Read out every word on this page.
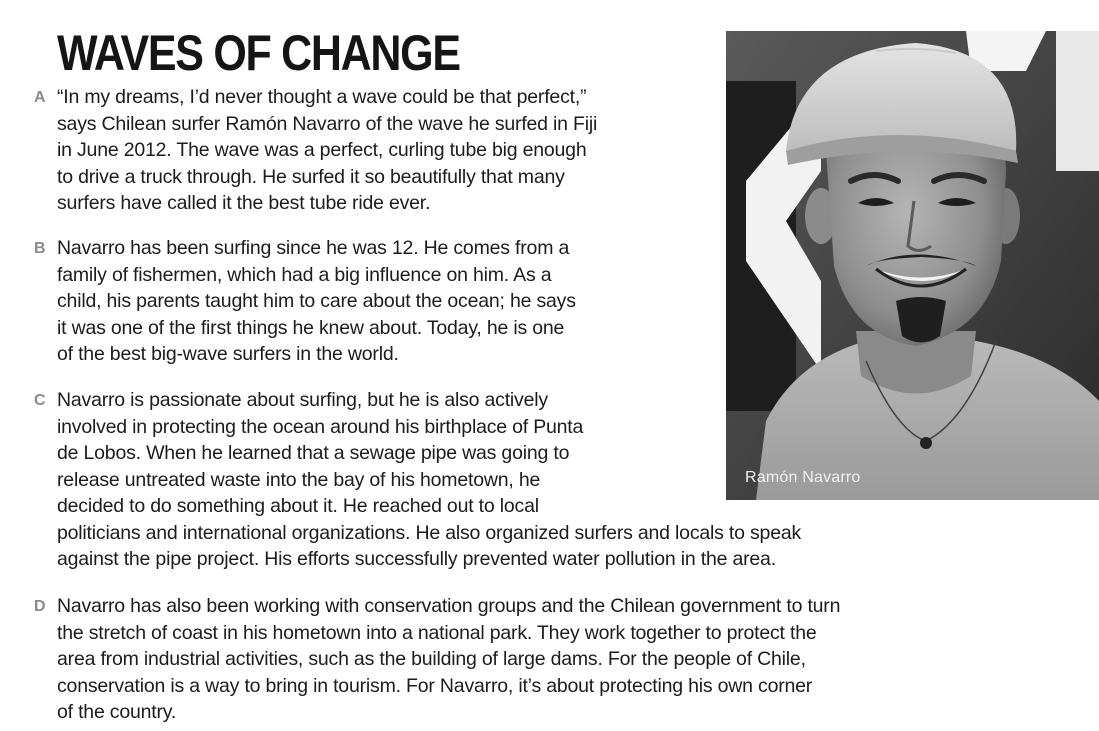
WAVES OF CHANGE
A “In my dreams, I’d never thought a wave could be that perfect,”
says Chilean surfer Ramón Navarro of the wave he surfed in Fiji
in June 2012. The wave was a perfect, curling tube big enough
to drive a truck through. He surfed it so beautifully that many
surfers have called it the best tube ride ever.
B Navarro has been surfing since he was 12. He comes from a
family of fishermen, which had a big influence on him. As a
child, his parents taught him to care about the ocean; he says
it was one of the first things he knew about. Today, he is one
of the best big-wave surfers in the world.
C Navarro is passionate about surfing, but he is also actively
involved in protecting the ocean around his birthplace of Punta
de Lobos. When he learned that a sewage pipe was going to
release untreated waste into the bay of his hometown, he
decided to do something about it. He reached out to local
politicians and international organizations. He also organized surfers and locals to speak
against the pipe project. His efforts successfully prevented water pollution in the area.
D Navarro has also been working with conservation groups and the Chilean government to turn
the stretch of coast in his hometown into a national park. They work together to protect the
area from industrial activities, such as the building of large dams. For the people of Chile,
conservation is a way to bring in tourism. For Navarro, it’s about protecting his own corner
of the country.
Ramón Navarro
